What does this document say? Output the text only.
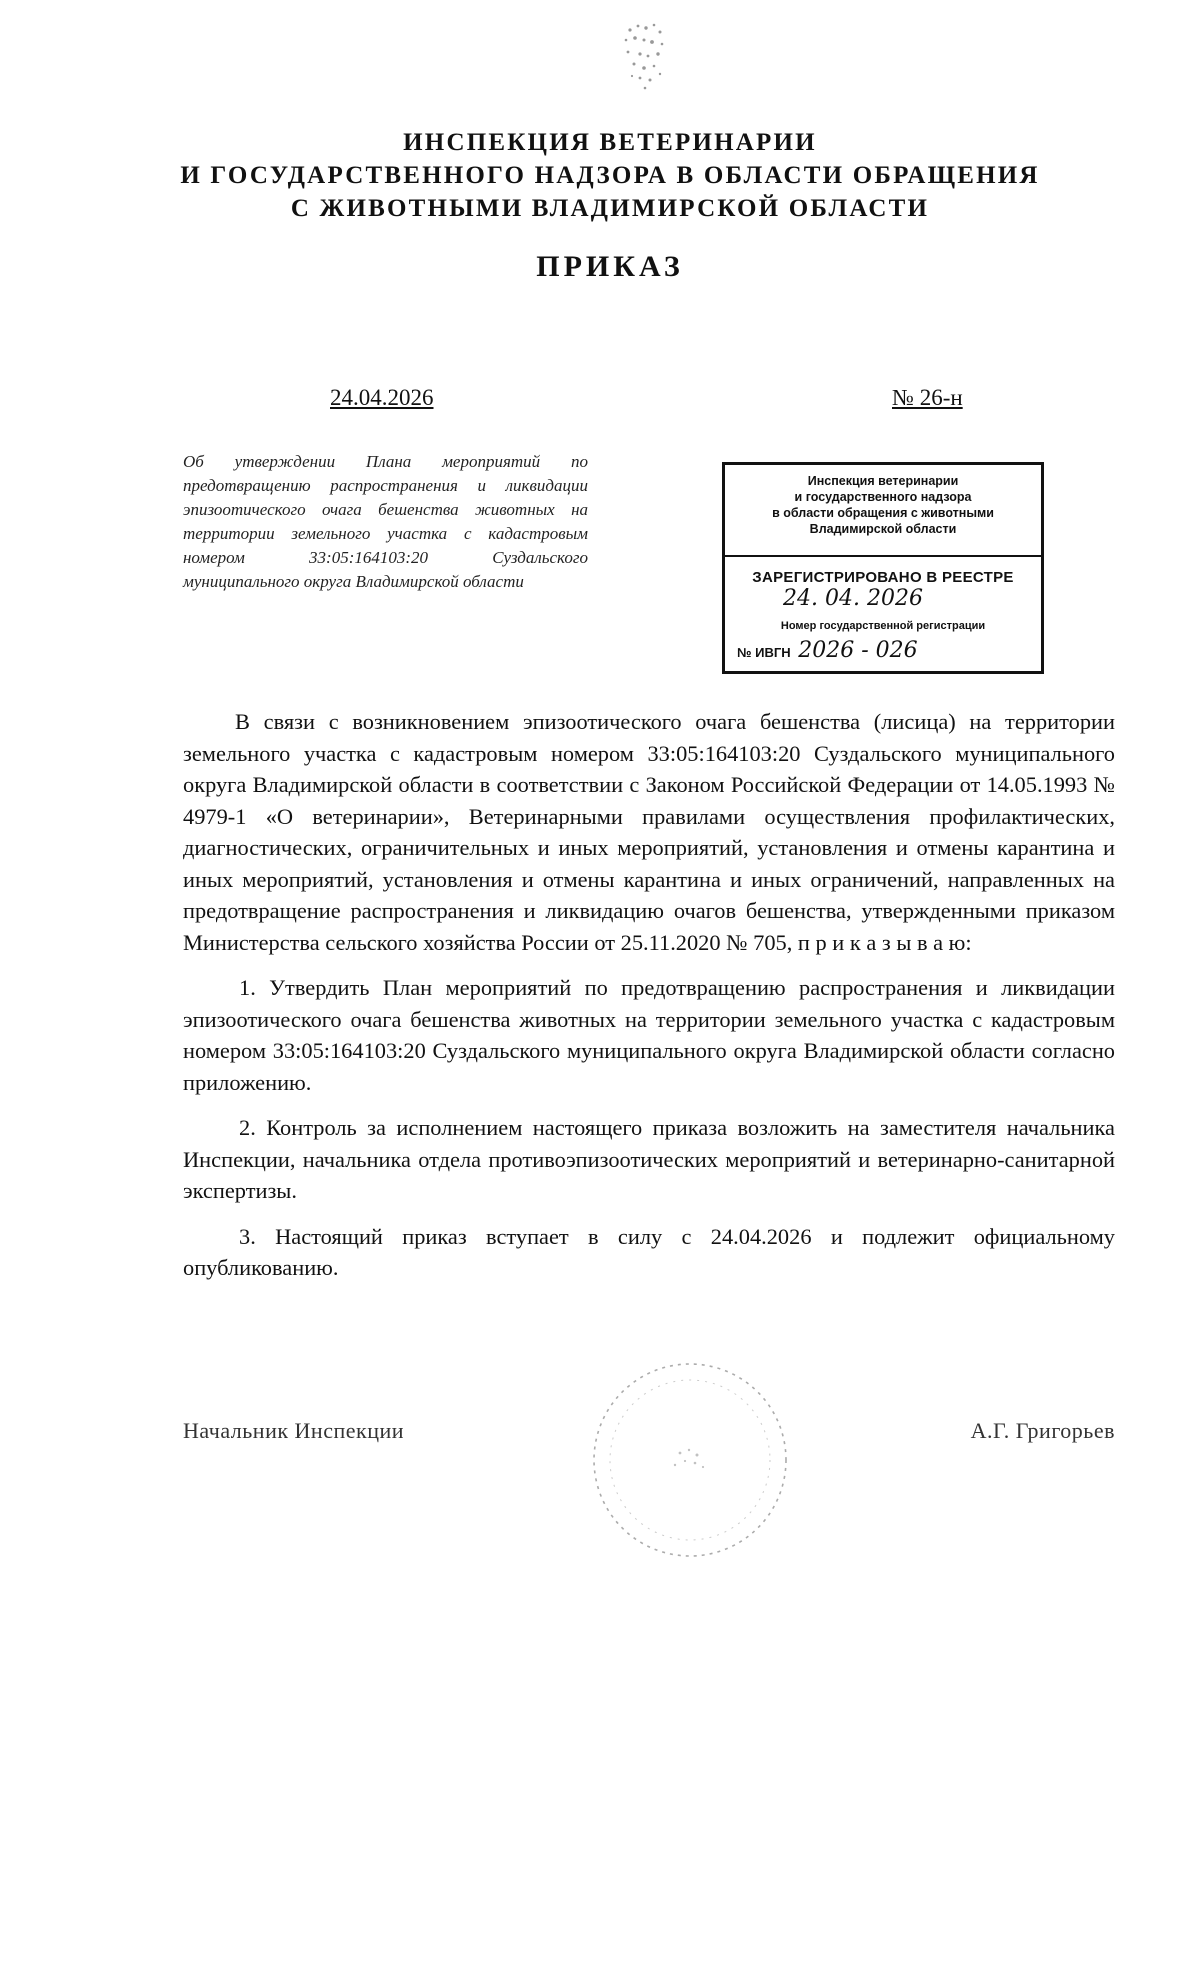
ИНСПЕКЦИЯ ВЕТЕРИНАРИИ
И ГОСУДАРСТВЕННОГО НАДЗОРА В ОБЛАСТИ ОБРАЩЕНИЯ
С ЖИВОТНЫМИ ВЛАДИМИРСКОЙ ОБЛАСТИ
ПРИКАЗ
24.04.2026	№ 26-н
Об утверждении Плана мероприятий по предотвращению распространения и ликвидации эпизоотического очага бешенства животных на территории земельного участка с кадастровым номером 33:05:164103:20 Суздальского муниципального округа Владимирской области
Инспекция ветеринарии
и государственного надзора
в области обращения с животными
Владимирской области
ЗАРЕГИСТРИРОВАНО В РЕЕСТРЕ
24. 04. 2026
Номер государственной регистрации
№ ИВГН 2026 - 026

В связи с возникновением эпизоотического очага бешенства (лисица) на территории земельного участка с кадастровым номером 33:05:164103:20 Суздальского муниципального округа Владимирской области в соответствии с Законом Российской Федерации от 14.05.1993 № 4979-1 «О ветеринарии», Ветеринарными правилами осуществления профилактических, диагностических, ограничительных и иных мероприятий, установления и отмены карантина и иных мероприятий, установления и отмены карантина и иных ограничений, направленных на предотвращение распространения и ликвидацию очагов бешенства, утвержденными приказом Министерства сельского хозяйства России от 25.11.2020 № 705, п р и к а з ы в а ю:

1. Утвердить План мероприятий по предотвращению распространения и ликвидации эпизоотического очага бешенства животных на территории земельного участка с кадастровым номером 33:05:164103:20 Суздальского муниципального округа Владимирской области согласно приложению.

2. Контроль за исполнением настоящего приказа возложить на заместителя начальника Инспекции, начальника отдела противоэпизоотических мероприятий и ветеринарно-санитарной экспертизы.

3. Настоящий приказ вступает в силу с 24.04.2026 и подлежит официальному опубликованию.

Начальник Инспекции	А.Г. Григорьев
